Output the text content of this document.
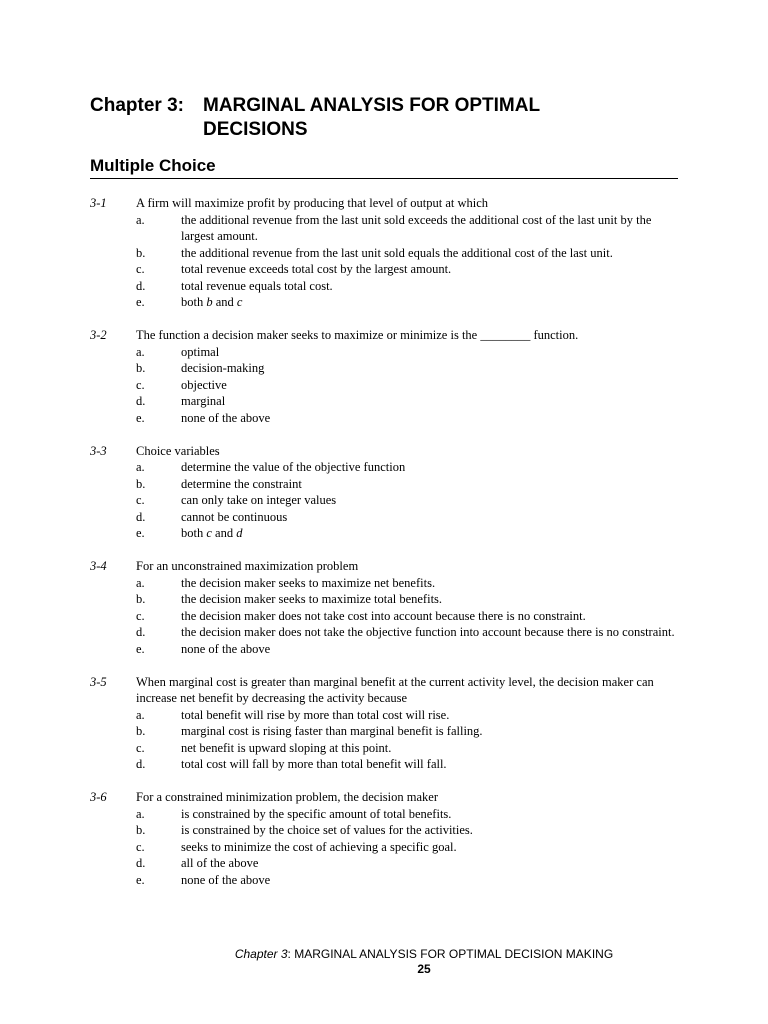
Chapter 3:	MARGINAL ANALYSIS FOR OPTIMAL DECISIONS
Multiple Choice
3-1	A firm will maximize profit by producing that level of output at which
a.	the additional revenue from the last unit sold exceeds the additional cost of the last unit by the largest amount.
b.	the additional revenue from the last unit sold equals the additional cost of the last unit.
c.	total revenue exceeds total cost by the largest amount.
d.	total revenue equals total cost.
e.	both b and c
3-2	The function a decision maker seeks to maximize or minimize is the ________ function.
a.	optimal
b.	decision-making
c.	objective
d.	marginal
e.	none of the above
3-3	Choice variables
a.	determine the value of the objective function
b.	determine the constraint
c.	can only take on integer values
d.	cannot be continuous
e.	both c and d
3-4	For an unconstrained maximization problem
a.	the decision maker seeks to maximize net benefits.
b.	the decision maker seeks to maximize total benefits.
c.	the decision maker does not take cost into account because there is no constraint.
d.	the decision maker does not take the objective function into account because there is no constraint.
e.	none of the above
3-5	When marginal cost is greater than marginal benefit at the current activity level, the decision maker can increase net benefit by decreasing the activity because
a.	total benefit will rise by more than total cost will rise.
b.	marginal cost is rising faster than marginal benefit is falling.
c.	net benefit is upward sloping at this point.
d.	total cost will fall by more than total benefit will fall.
3-6	For a constrained minimization problem, the decision maker
a.	is constrained by the specific amount of total benefits.
b.	is constrained by the choice set of values for the activities.
c.	seeks to minimize the cost of achieving a specific goal.
d.	all of the above
e.	none of the above
Chapter 3: MARGINAL ANALYSIS FOR OPTIMAL DECISION MAKING
25
